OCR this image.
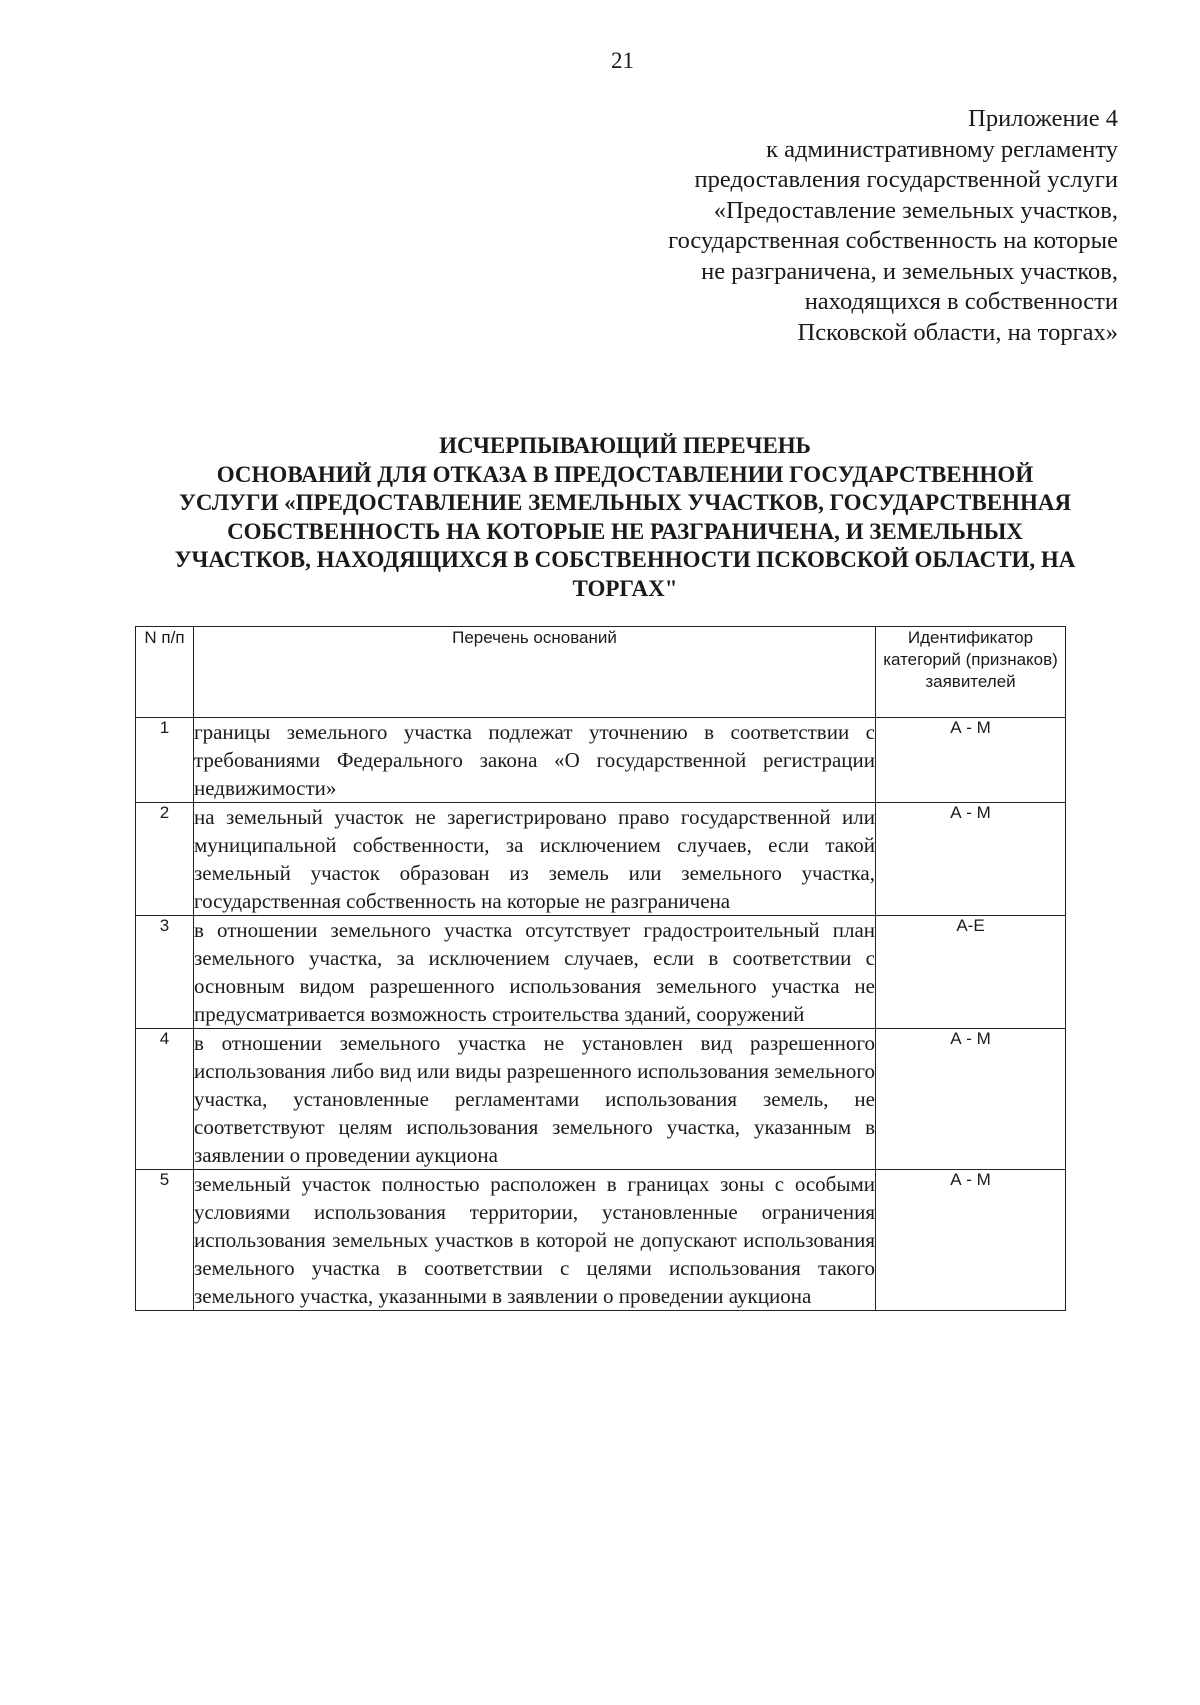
21
Приложение 4
к административному регламенту
предоставления государственной услуги
«Предоставление земельных участков,
государственная собственность на которые
не разграничена, и земельных участков,
находящихся в собственности
Псковской области, на торгах»
ИСЧЕРПЫВАЮЩИЙ ПЕРЕЧЕНЬ
ОСНОВАНИЙ ДЛЯ ОТКАЗА В ПРЕДОСТАВЛЕНИИ ГОСУДАРСТВЕННОЙ
УСЛУГИ «ПРЕДОСТАВЛЕНИЕ ЗЕМЕЛЬНЫХ УЧАСТКОВ, ГОСУДАРСТВЕННАЯ
СОБСТВЕННОСТЬ НА КОТОРЫЕ НЕ РАЗГРАНИЧЕНА, И ЗЕМЕЛЬНЫХ
УЧАСТКОВ, НАХОДЯЩИХСЯ В СОБСТВЕННОСТИ ПСКОВСКОЙ ОБЛАСТИ, НА
ТОРГАХ"
N п/п	Перечень оснований	Идентификатор категорий (признаков) заявителей
1	границы земельного участка подлежат уточнению в соответствии с требованиями Федерального закона «О государственной регистрации недвижимости»	А - М
2	на земельный участок не зарегистрировано право государственной или муниципальной собственности, за исключением случаев, если такой земельный участок образован из земель или земельного участка, государственная собственность на которые не разграничена	А - М
3	в отношении земельного участка отсутствует градостроительный план земельного участка, за исключением случаев, если в соответствии с основным видом разрешенного использования земельного участка не предусматривается возможность строительства зданий, сооружений	А-Е
4	в отношении земельного участка не установлен вид разрешенного использования либо вид или виды разрешенного использования земельного участка, установленные регламентами использования земель, не соответствуют целям использования земельного участка, указанным в заявлении о проведении аукциона	А - М
5	земельный участок полностью расположен в границах зоны с особыми условиями использования территории, установленные ограничения использования земельных участков в которой не допускают использования земельного участка в соответствии с целями использования такого земельного участка, указанными в заявлении о проведении аукциона	А - М
